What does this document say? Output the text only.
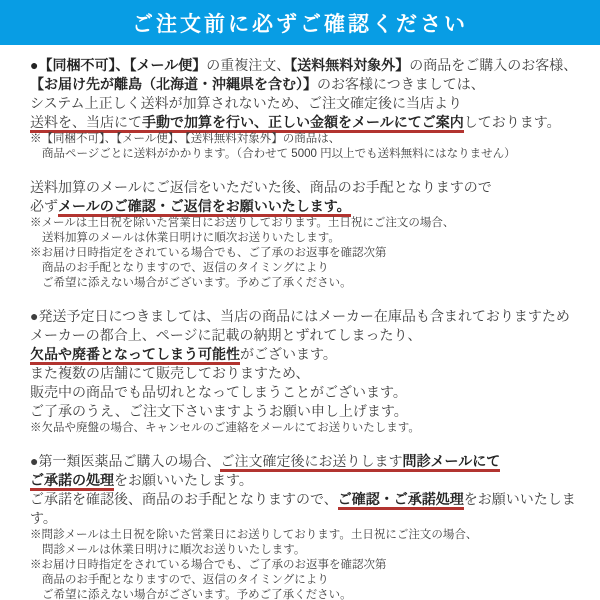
ご注文前に必ずご確認ください

●【同梱不可】、【メール便】の重複注文、【送料無料対象外】の商品をご購入のお客様、

【お届け先が離島（北海道・沖縄県を含む）】のお客様につきましては、

システム上正しく送料が加算されないため、ご注文確定後に当店より

送料を、当店にて手動で加算を行い、正しい金額をメールにてご案内しております。

※【同梱不可】、【メール便】、【送料無料対象外】の商品は、

商品ページごとに送料がかかります。（合わせて 5000 円以上でも送料無料にはなりません）

送料加算のメールにご返信をいただいた後、商品のお手配となりますので

必ずメールのご確認・ご返信をお願いいたします。

※メールは土日祝を除いた営業日にお送りしております。土日祝にご注文の場合、

送料加算のメールは休業日明けに順次お送りいたします。

※お届け日時指定をされている場合でも、ご了承のお返事を確認次第

商品のお手配となりますので、返信のタイミングにより

ご希望に添えない場合がございます。予めご了承ください。

●発送予定日につきましては、当店の商品にはメーカー在庫品も含まれておりますため

メーカーの都合上、ページに記載の納期とずれてしまったり、

欠品や廃番となってしまう可能性がございます。

また複数の店舗にて販売しておりますため、

販売中の商品でも品切れとなってしまうことがございます。

ご了承のうえ、ご注文下さいますようお願い申し上げます。

※欠品や廃盤の場合、キャンセルのご連絡をメールにてお送りいたします。

●第一類医薬品ご購入の場合、ご注文確定後にお送りします問診メールにて

ご承諾の処理をお願いいたします。

ご承諾を確認後、商品のお手配となりますので、ご確認・ご承諾処理をお願いいたします。

※問診メールは土日祝を除いた営業日にお送りしております。土日祝にご注文の場合、

問診メールは休業日明けに順次お送りいたします。

※お届け日時指定をされている場合でも、ご了承のお返事を確認次第

商品のお手配となりますので、返信のタイミングにより

ご希望に添えない場合がございます。予めご了承ください。
